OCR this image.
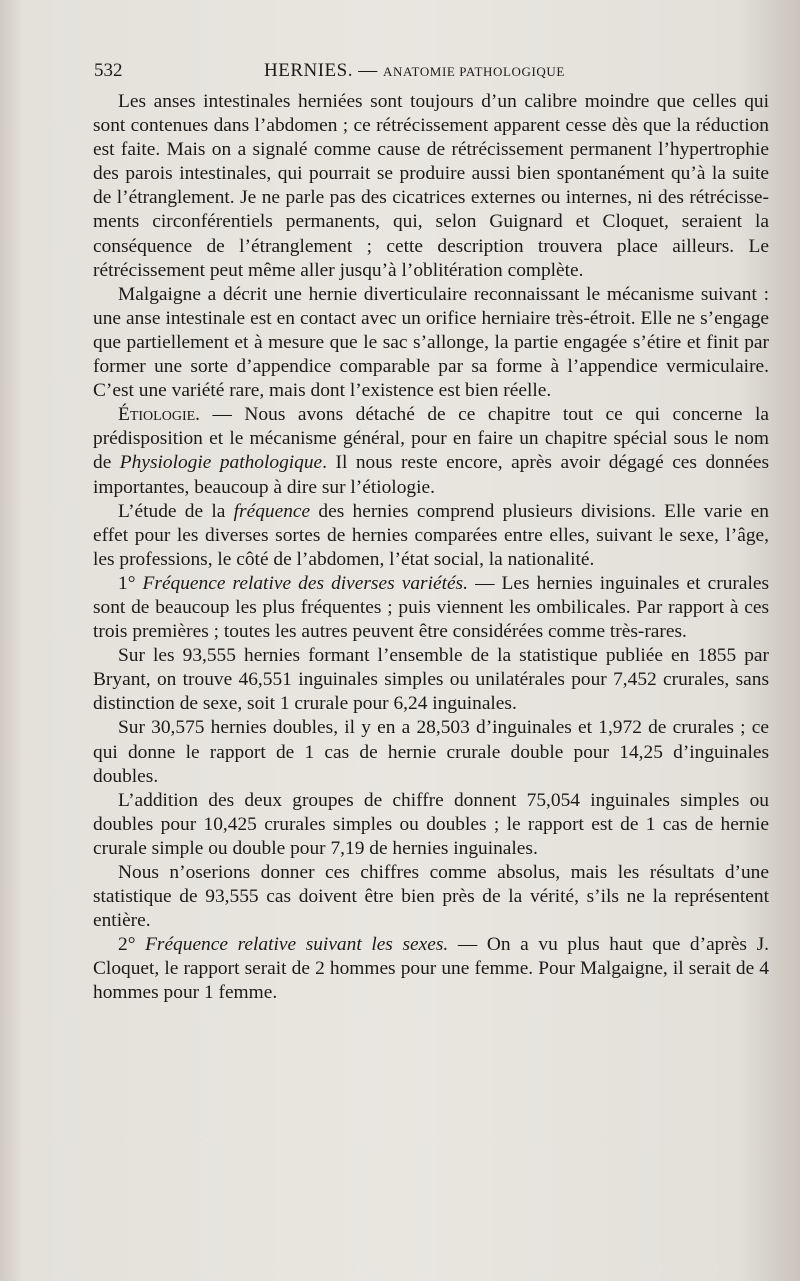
532	HERNIES. — ANATOMIE PATHOLOGIQUE

Les anses intestinales herniées sont toujours d’un calibre moindre que celles qui sont contenues dans l’abdomen ; ce rétrécissement apparent cesse dès que la réduction est faite. Mais on a signalé comme cause de rétrécissement permanent l’hypertrophie des parois intestinales, qui pourrait se produire aussi bien spontanément qu’à la suite de l’étranglement. Je ne parle pas des cicatrices externes ou internes, ni des rétrécissements circonférentiels permanents, qui, selon Guignard et Cloquet, seraient la conséquence de l’étranglement ; cette description trouvera place ailleurs. Le rétrécissement peut même aller jusqu’à l’oblitération complète.

Malgaigne a décrit une hernie diverticulaire reconnaissant le mécanisme suivant : une anse intestinale est en contact avec un orifice herniaire très-étroit. Elle ne s’engage que partiellement et à mesure que le sac s’allonge, la partie engagée s’étire et finit par former une sorte d’appendice comparable par sa forme à l’appendice vermiculaire. C’est une variété rare, mais dont l’existence est bien réelle.

Étiologie. — Nous avons détaché de ce chapitre tout ce qui concerne la prédisposition et le mécanisme général, pour en faire un chapitre spécial sous le nom de Physiologie pathologique. Il nous reste encore, après avoir dégagé ces données importantes, beaucoup à dire sur l’étiologie.

L’étude de la fréquence des hernies comprend plusieurs divisions. Elle varie en effet pour les diverses sortes de hernies comparées entre elles, suivant le sexe, l’âge, les professions, le côté de l’abdomen, l’état social, la nationalité.

1° Fréquence relative des diverses variétés. — Les hernies inguinales et crurales sont de beaucoup les plus fréquentes ; puis viennent les ombilicales. Par rapport à ces trois premières ; toutes les autres peuvent être considérées comme très-rares.

Sur les 93,555 hernies formant l’ensemble de la statistique publiée en 1855 par Bryant, on trouve 46,551 inguinales simples ou unilatérales pour 7,452 crurales, sans distinction de sexe, soit 1 crurale pour 6,24 inguinales.

Sur 30,575 hernies doubles, il y en a 28,503 d’inguinales et 1,972 de crurales ; ce qui donne le rapport de 1 cas de hernie crurale double pour 14,25 d’inguinales doubles.

L’addition des deux groupes de chiffre donnent 75,054 inguinales simples ou doubles pour 10,425 crurales simples ou doubles ; le rapport est de 1 cas de hernie crurale simple ou double pour 7,19 de hernies inguinales.

Nous n’oserions donner ces chiffres comme absolus, mais les résultats d’une statistique de 93,555 cas doivent être bien près de la vérité, s’ils ne la représentent entière.

2° Fréquence relative suivant les sexes. — On a vu plus haut que d’après J. Cloquet, le rapport serait de 2 hommes pour une femme. Pour Malgaigne, il serait de 4 hommes pour 1 femme.
